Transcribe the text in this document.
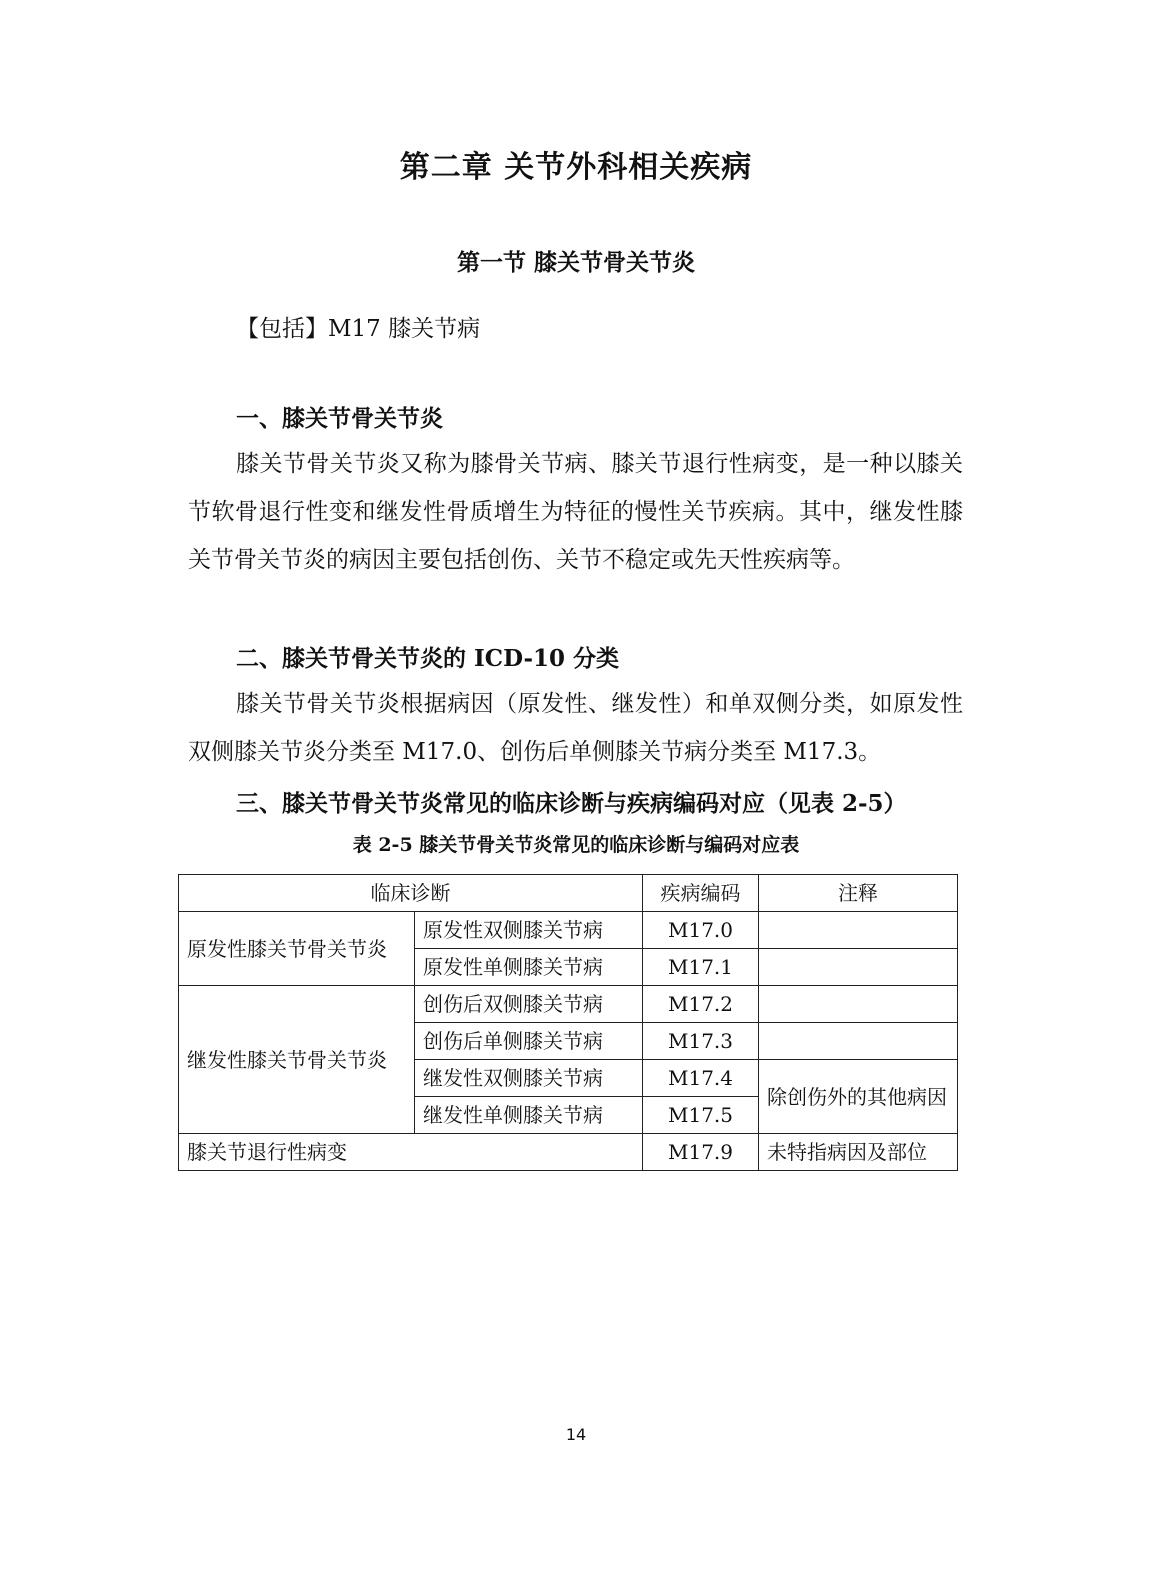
第二章 关节外科相关疾病
第一节 膝关节骨关节炎
【包括】M17 膝关节病
一、膝关节骨关节炎
膝关节骨关节炎又称为膝骨关节病、膝关节退行性病变，是一种以膝关节软骨退行性变和继发性骨质增生为特征的慢性关节疾病。其中，继发性膝关节骨关节炎的病因主要包括创伤、关节不稳定或先天性疾病等。
二、膝关节骨关节炎的 ICD-10 分类
膝关节骨关节炎根据病因（原发性、继发性）和单双侧分类，如原发性双侧膝关节炎分类至 M17.0、创伤后单侧膝关节病分类至 M17.3。
三、膝关节骨关节炎常见的临床诊断与疾病编码对应（见表 2-5）
表 2-5 膝关节骨关节炎常见的临床诊断与编码对应表
临床诊断		疾病编码	注释
原发性膝关节骨关节炎	原发性双侧膝关节病	M17.0	
	原发性单侧膝关节病	M17.1	
继发性膝关节骨关节炎	创伤后双侧膝关节病	M17.2	
	创伤后单侧膝关节病	M17.3	
	继发性双侧膝关节病	M17.4	除创伤外的其他病因
	继发性单侧膝关节病	M17.5	
膝关节退行性病变		M17.9	未特指病因及部位
14
